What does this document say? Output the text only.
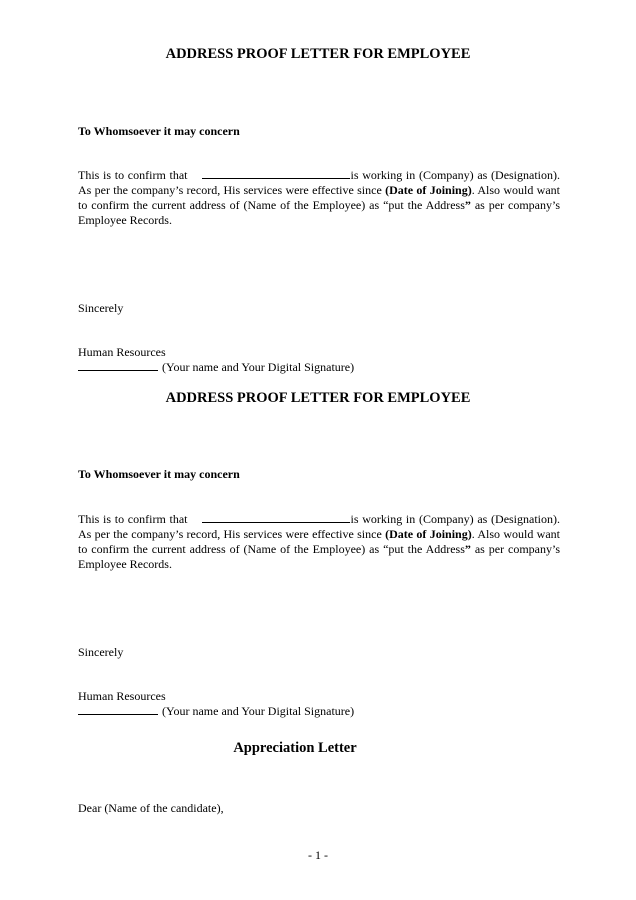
ADDRESS PROOF LETTER FOR EMPLOYEE

To Whomsoever it may concern

This is to confirm that	is working in (Company) as (Designation). As per the company’s record, His services were effective since (Date of Joining). Also would want to confirm the current address of (Name of the Employee) as “put the Address” as per company’s Employee Records.

Sincerely

Human Resources

(Your name and Your Digital Signature)

ADDRESS PROOF LETTER FOR EMPLOYEE

To Whomsoever it may concern

This is to confirm that	is working in (Company) as (Designation). As per the company’s record, His services were effective since (Date of Joining). Also would want to confirm the current address of (Name of the Employee) as “put the Address” as per company’s Employee Records.

Sincerely

Human Resources

(Your name and Your Digital Signature)

Appreciation Letter

Dear (Name of the candidate),

- 1 -
